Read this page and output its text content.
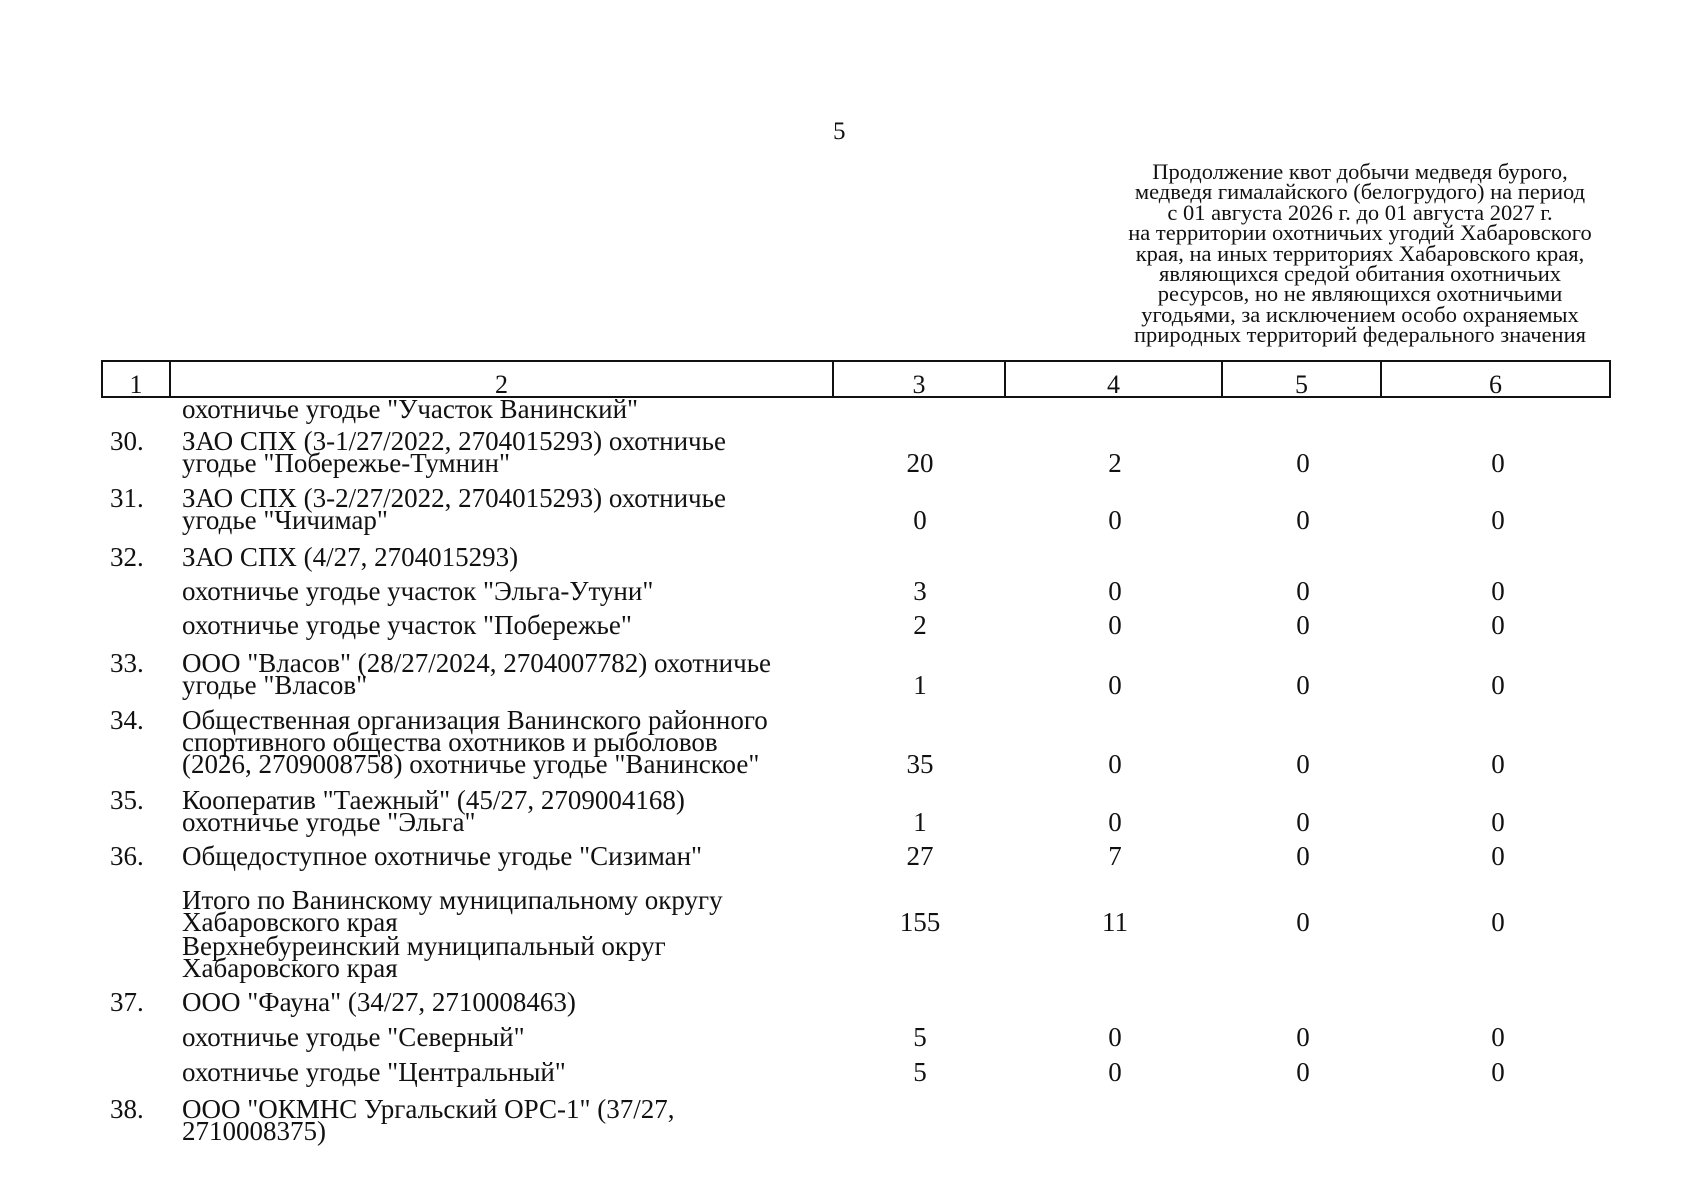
5
Продолжение квот добычи медведя бурого,
медведя гималайского (белогрудого) на период
с 01 августа 2026 г. до 01 августа 2027 г.
на территории охотничьих угодий Хабаровского
края, на иных территориях Хабаровского края,
являющихся средой обитания охотничьих
ресурсов, но не являющихся охотничьими
угодьями, за исключением особо охраняемых
природных территорий федерального значения
1	2	3	4	5	6
охотничье угодье "Участок Ванинский"
30.	ЗАО СПХ (3-1/27/2022, 2704015293) охотничье
угодье "Побережье-Тумнин"	20	2	0	0
31.	ЗАО СПХ (3-2/27/2022, 2704015293) охотничье
угодье "Чичимар"	0	0	0	0
32.	ЗАО СПХ (4/27, 2704015293)
охотничье угодье участок "Эльга-Утуни"	3	0	0	0
охотничье угодье участок "Побережье"	2	0	0	0
33.	ООО "Власов" (28/27/2024, 2704007782) охотничье
угодье "Власов"	1	0	0	0
34.	Общественная организация Ванинского районного
спортивного общества охотников и рыболовов
(2026, 2709008758) охотничье угодье "Ванинское"	35	0	0	0
35.	Кооператив "Таежный" (45/27, 2709004168)
охотничье угодье "Эльга"	1	0	0	0
36.	Общедоступное охотничье угодье "Сизиман"	27	7	0	0
Итого по Ванинскому муниципальному округу
Хабаровского края	155	11	0	0
Верхнебуреинский муниципальный округ
Хабаровского края
37.	ООО "Фауна" (34/27, 2710008463)
охотничье угодье "Северный"	5	0	0	0
охотничье угодье "Центральный"	5	0	0	0
38.	ООО "ОКМНС Ургальский ОРС-1" (37/27,
2710008375)
